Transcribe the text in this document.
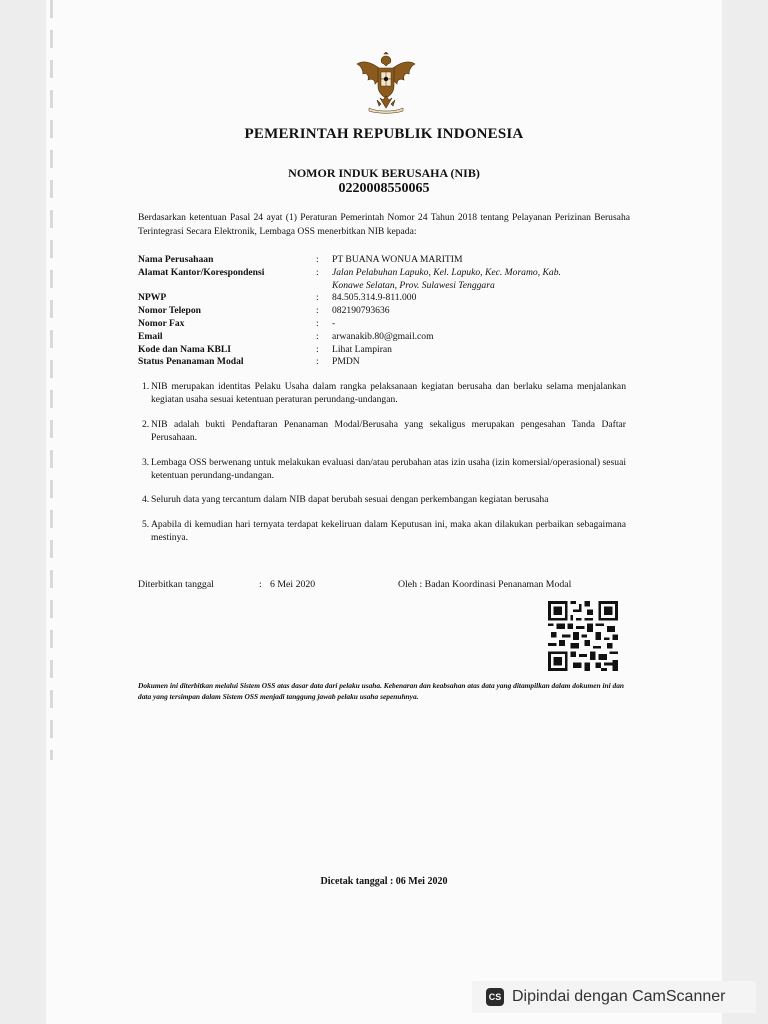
PEMERINTAH REPUBLIK INDONESIA
NOMOR INDUK BERUSAHA (NIB)
0220008550065
Berdasarkan ketentuan Pasal 24 ayat (1) Peraturan Pemerintah Nomor 24 Tahun 2018 tentang Pelayanan Perizinan Berusaha Terintegrasi Secara Elektronik, Lembaga OSS menerbitkan NIB kepada:
Nama Perusahaan	:	PT BUANA WONUA MARITIM
Alamat Kantor/Korespondensi	:	Jalan Pelabuhan Lapuko, Kel. Lapuko, Kec. Moramo, Kab.
Konawe Selatan, Prov. Sulawesi Tenggara
NPWP	:	84.505.314.9-811.000
Nomor Telepon	:	082190793636
Nomor Fax	:	-
Email	:	arwanakib.80@gmail.com
Kode dan Nama KBLI	:	Lihat Lampiran
Status Penanaman Modal	:	PMDN
1. NIB merupakan identitas Pelaku Usaha dalam rangka pelaksanaan kegiatan berusaha dan berlaku selama menjalankan kegiatan usaha sesuai ketentuan peraturan perundang-undangan.
2. NIB adalah bukti Pendaftaran Penanaman Modal/Berusaha yang sekaligus merupakan pengesahan Tanda Daftar Perusahaan.
3. Lembaga OSS berwenang untuk melakukan evaluasi dan/atau perubahan atas izin usaha (izin komersial/operasional) sesuai ketentuan perundang-undangan.
4. Seluruh data yang tercantum dalam NIB dapat berubah sesuai dengan perkembangan kegiatan berusaha
5. Apabila di kemudian hari ternyata terdapat kekeliruan dalam Keputusan ini, maka akan dilakukan perbaikan sebagaimana mestinya.
Diterbitkan tanggal	: 6 Mei 2020	Oleh : Badan Koordinasi Penanaman Modal
Dokumen ini diterbitkan melalui Sistem OSS atas dasar data dari pelaku usaha. Kebenaran dan keabsahan atas data yang ditampilkan dalam dokumen ini dan data yang tersimpan dalam Sistem OSS menjadi tanggung jawab pelaku usaha sepenuhnya.
Dicetak tanggal : 06 Mei 2020
CS Dipindai dengan CamScanner
